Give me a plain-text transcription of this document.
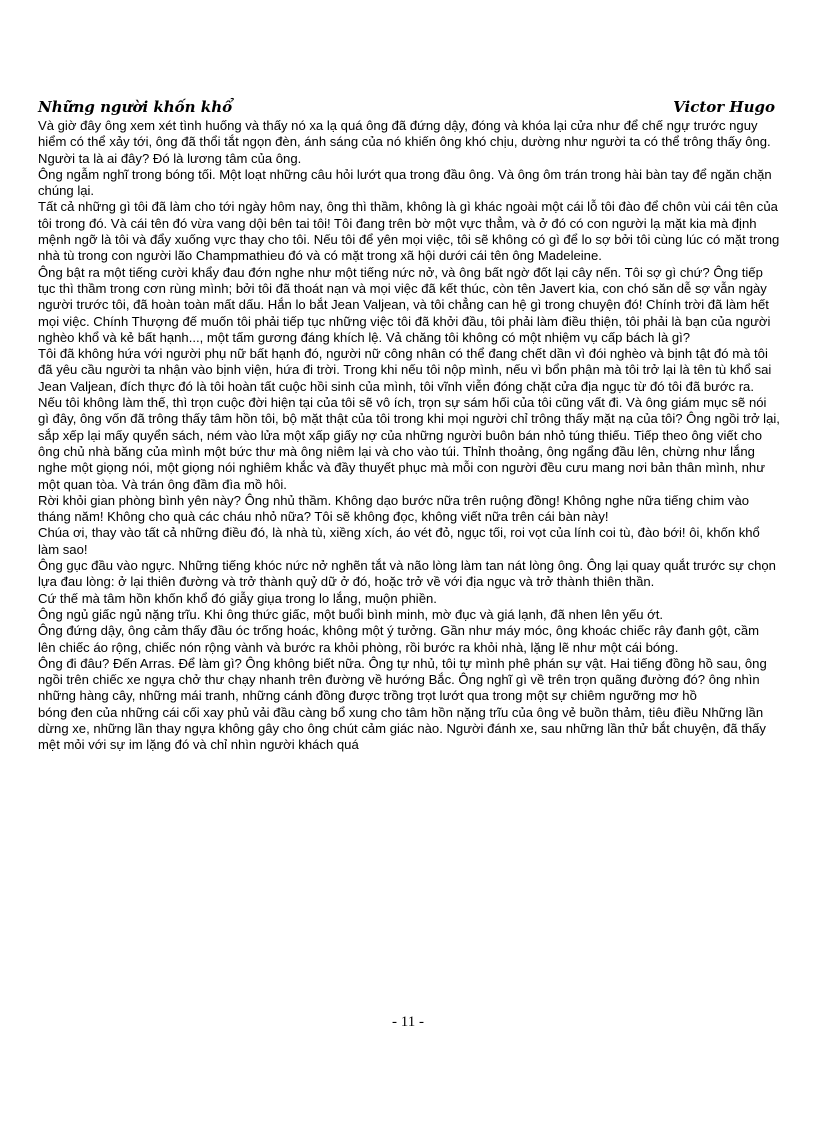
Những người khốn khổ	Victor Hugo

Và giờ đây ông xem xét tình huống và thấy nó xa lạ quá ông đã đứng dậy, đóng và khóa lại cửa như để chế ngự trước nguy hiểm có thể xảy tới, ông đã thổi tắt ngọn đèn, ánh sáng của nó khiến ông khó chịu, dường như người ta có thể trông thấy ông. Người ta là ai đây? Đó là lương tâm của ông.

Ông ngẫm nghĩ trong bóng tối. Một loạt những câu hỏi lướt qua trong đầu ông. Và ông ôm trán trong hài bàn tay để ngăn chặn chúng lại.

Tất cả những gì tôi đã làm cho tới ngày hôm nay, ông thì thầm, không là gì khác ngoài một cái lỗ tôi đào để chôn vùi cái tên của tôi trong đó. Và cái tên đó vừa vang dội bên tai tôi! Tôi đang trên bờ một vực thẳm, và ở đó có con người lạ mặt kia mà định mệnh ngỡ là tôi và đẩy xuống vực thay cho tôi. Nếu tôi để yên mọi việc, tôi sẽ không có gì để lo sợ bởi tôi cùng lúc có mặt trong nhà tù trong con người lão Champmathieu đó và có mặt trong xã hội dưới cái tên ông Madeleine.

Ông bật ra một tiếng cười khẩy đau đớn nghe như một tiếng nức nở, và ông bất ngờ đốt lại cây nến. Tôi sợ gì chứ? Ông tiếp tục thì thầm trong cơn rùng mình; bởi tôi đã thoát nạn và mọi việc đã kết thúc, còn tên Javert kia, con chó săn dễ sợ vẫn ngày người trước tôi, đã hoàn toàn mất dấu. Hắn lo bắt Jean Valjean, và tôi chẳng can hệ gì trong chuyện đó! Chính trời đã làm hết mọi việc. Chính Thượng đế muốn tôi phải tiếp tục những việc tôi đã khởi đầu, tôi phải làm điều thiện, tôi phải là bạn của người nghèo khổ và kẻ bất hạnh..., một tấm gương đáng khích lệ. Vả chăng tôi không có một nhiệm vụ cấp bách là gì?

Tôi đã không hứa với người phụ nữ bất hạnh đó, người nữ công nhân có thể đang chết dần vì đói nghèo và bịnh tật đó mà tôi đã yêu cầu người ta nhận vào bịnh viện, hứa đi trời. Trong khi nếu tôi nộp mình, nếu vì bổn phận mà tôi trở lại là tên tù khổ sai Jean Valjean, đích thực đó là tôi hoàn tất cuộc hồi sinh của mình, tôi vĩnh viễn đóng chặt cửa địa ngục từ đó tôi đã bước ra. Nếu tôi không làm thế, thì trọn cuộc đời hiện tại của tôi sẽ vô ích, trọn sự sám hối của tôi cũng vất đi. Và ông giám mục sẽ nói gì đây, ông vốn đã trông thấy tâm hồn tôi, bộ mặt thật của tôi trong khi mọi người chỉ trông thấy mặt nạ của tôi? Ông ngồi trở lại, sắp xếp lại mấy quyển sách, ném vào lửa một xấp giấy nợ của những người buôn bán nhỏ túng thiếu. Tiếp theo ông viết cho ông chủ nhà băng của mình một bức thư mà ông niêm lại và cho vào túi. Thỉnh thoảng, ông ngẩng đầu lên, chừng như lắng nghe một giọng nói, một giọng nói nghiêm khắc và đầy thuyết phục mà mỗi con người đều cưu mang nơi bản thân mình, như một quan tòa. Và trán ông đầm đìa mồ hôi.

Rời khỏi gian phòng bình yên này? Ông nhủ thầm. Không dạo bước nữa trên ruộng đồng! Không nghe nữa tiếng chim vào tháng năm! Không cho quà các cháu nhỏ nữa? Tôi sẽ không đọc, không viết nữa trên cái bàn này!

Chúa ơi, thay vào tất cả những điều đó, là nhà tù, xiềng xích, áo vét đỏ, ngục tối, roi vọt của lính coi tù, đào bới! ôi, khốn khổ làm sao!

Ông gục đầu vào ngực. Những tiếng khóc nức nở nghẽn tắt và não lòng làm tan nát lòng ông. Ông lại quay quắt trước sự chọn lựa đau lòng: ở lại thiên đường và trở thành quỷ dữ ở đó, hoặc trở về với địa ngục và trở thành thiên thần.

Cứ thế mà tâm hồn khốn khổ đó giẫy giụa trong lo lắng, muộn phiền.

Ông ngủ giấc ngủ nặng trĩu. Khi ông thức giấc, một buổi bình minh, mờ đục và giá lạnh, đã nhen lên yếu ớt.

Ông đứng dậy, ông cảm thấy đầu óc trống hoác, không một ý tưởng. Gần như máy móc, ông khoác chiếc rây đanh gột, cầm lên chiếc áo rộng, chiếc nón rộng vành và bước ra khỏi phòng, rồi bước ra khỏi nhà, lặng lẽ như một cái bóng.

Ông đi đâu? Đến Arras. Để làm gì? Ông không biết nữa. Ông tự nhủ, tôi tự mình phê phán sự vật. Hai tiếng đồng hồ sau, ông ngồi trên chiếc xe ngựa chở thư chạy nhanh trên đường về hướng Bắc. Ông nghĩ gì về trên trọn quãng đường đó? ông nhìn những hàng cây, những mái tranh, những cánh đồng được trồng trọt lướt qua trong một sự chiêm ngưỡng mơ hồ

bóng đen của những cái cối xay phủ vải đầu càng bổ xung cho tâm hồn nặng trĩu của ông vẻ buồn thảm, tiêu điều Những lần dừng xe, những lần thay ngựa không gây cho ông chút cảm giác nào. Người đánh xe, sau những lần thử bắt chuyện, đã thấy mệt mỏi với sự im lặng đó và chỉ nhìn người khách quá

- 11 -
